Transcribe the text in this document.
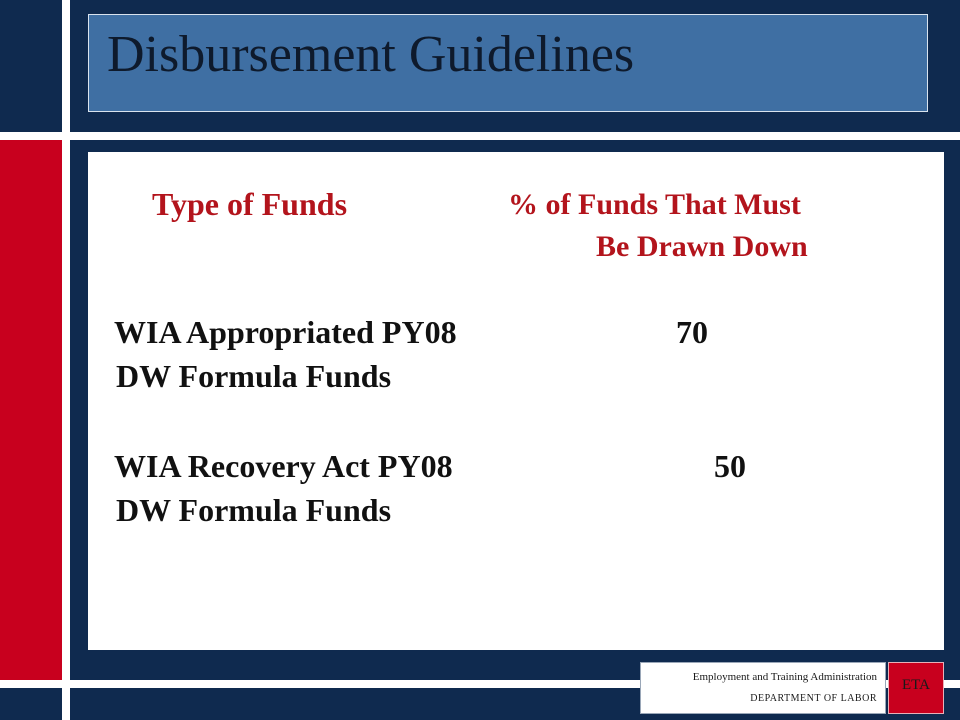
Disbursement Guidelines
Type of Funds	% of Funds That Must
Be Drawn Down
WIA Appropriated PY08
DW Formula Funds
70
WIA Recovery Act PY08
DW Formula Funds
50
Employment and Training Administration
DEPARTMENT OF LABOR
ETA
